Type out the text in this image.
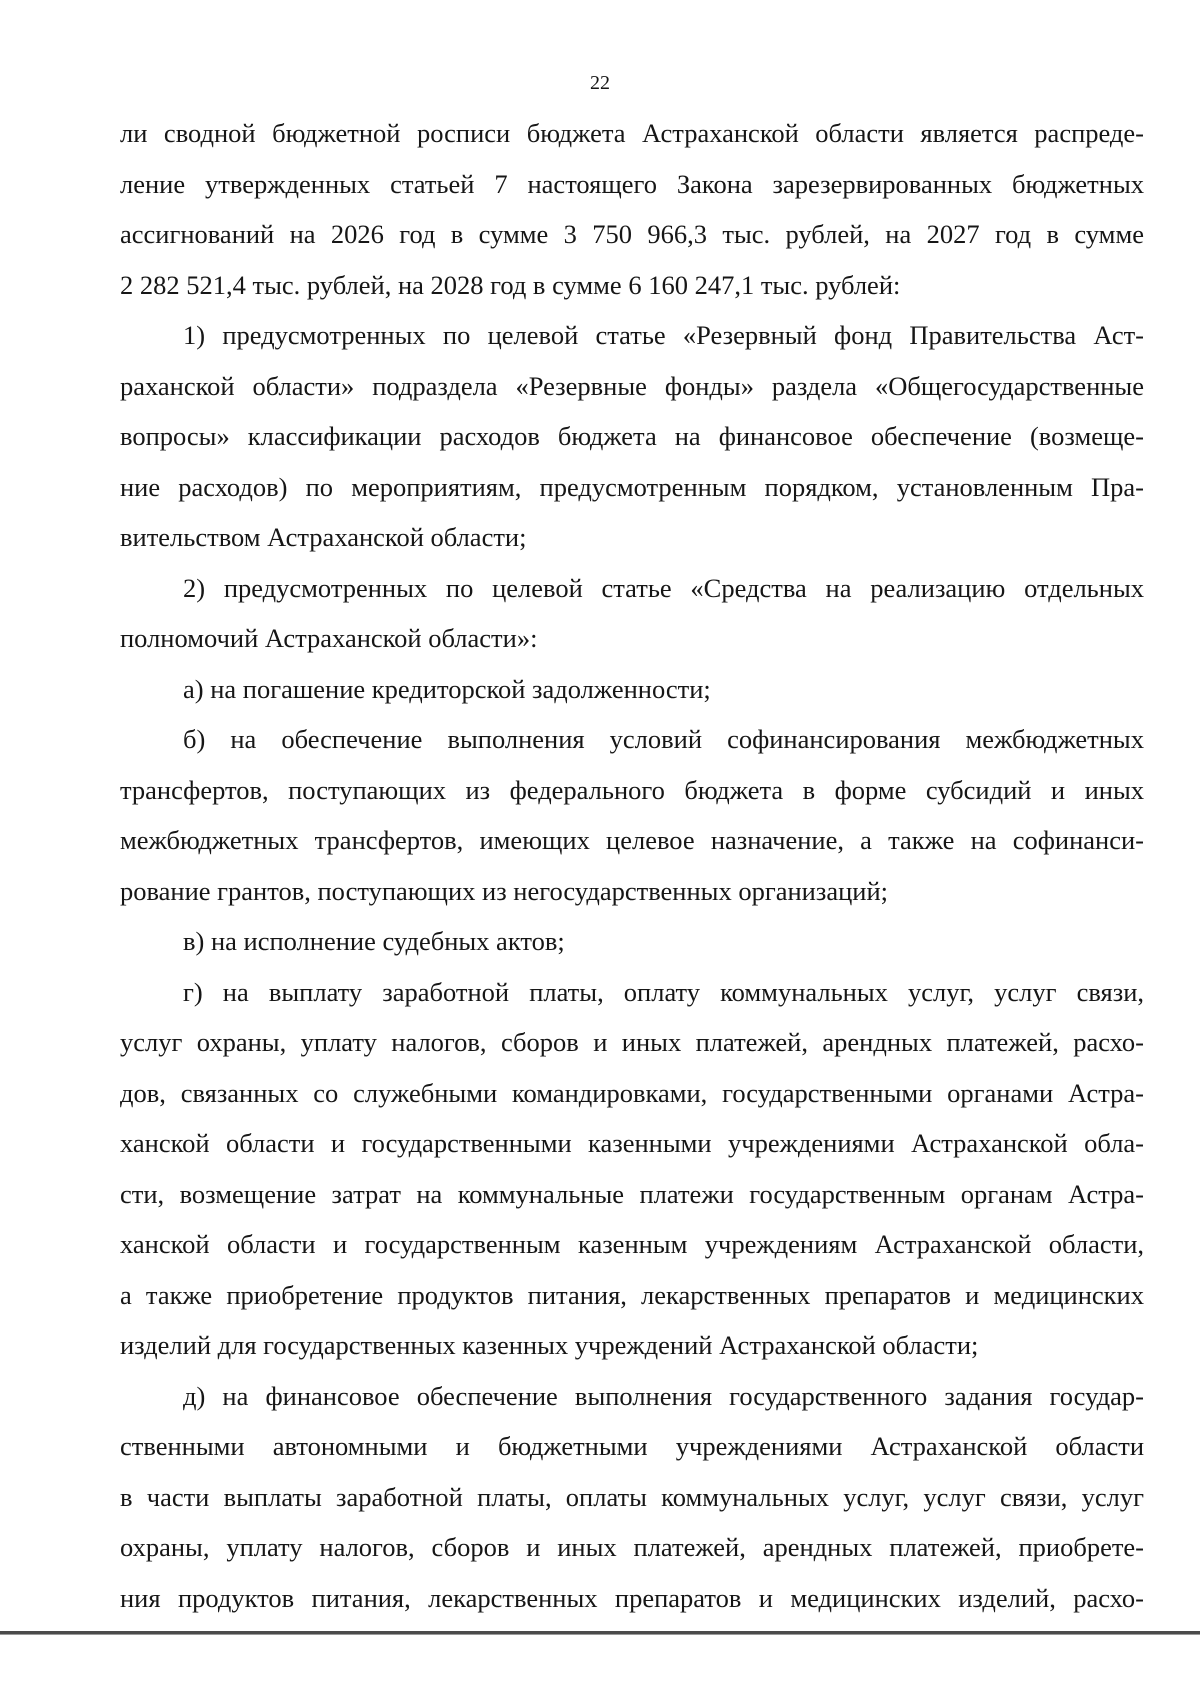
22
ли сводной бюджетной росписи бюджета Астраханской области является распреде-
ление утвержденных статьей 7 настоящего Закона зарезервированных бюджетных
ассигнований на 2026 год в сумме 3 750 966,3 тыс. рублей, на 2027 год в сумме
2 282 521,4 тыс. рублей, на 2028 год в сумме 6 160 247,1 тыс. рублей:
1) предусмотренных по целевой статье «Резервный фонд Правительства Аст-
раханской области» подраздела «Резервные фонды» раздела «Общегосударственные
вопросы» классификации расходов бюджета на финансовое обеспечение (возмеще-
ние расходов) по мероприятиям, предусмотренным порядком, установленным Пра-
вительством Астраханской области;
2) предусмотренных по целевой статье «Средства на реализацию отдельных
полномочий Астраханской области»:
а) на погашение кредиторской задолженности;
б) на обеспечение выполнения условий софинансирования межбюджетных
трансфертов, поступающих из федерального бюджета в форме субсидий и иных
межбюджетных трансфертов, имеющих целевое назначение, а также на софинанси-
рование грантов, поступающих из негосударственных организаций;
в) на исполнение судебных актов;
г) на выплату заработной платы, оплату коммунальных услуг, услуг связи,
услуг охраны, уплату налогов, сборов и иных платежей, арендных платежей, расхо-
дов, связанных со служебными командировками, государственными органами Астра-
ханской области и государственными казенными учреждениями Астраханской обла-
сти, возмещение затрат на коммунальные платежи государственным органам Астра-
ханской области и государственным казенным учреждениям Астраханской области,
а также приобретение продуктов питания, лекарственных препаратов и медицинских
изделий для государственных казенных учреждений Астраханской области;
д) на финансовое обеспечение выполнения государственного задания государ-
ственными автономными и бюджетными учреждениями Астраханской области
в части выплаты заработной платы, оплаты коммунальных услуг, услуг связи, услуг
охраны, уплату налогов, сборов и иных платежей, арендных платежей, приобрете-
ния продуктов питания, лекарственных препаратов и медицинских изделий, расхо-
